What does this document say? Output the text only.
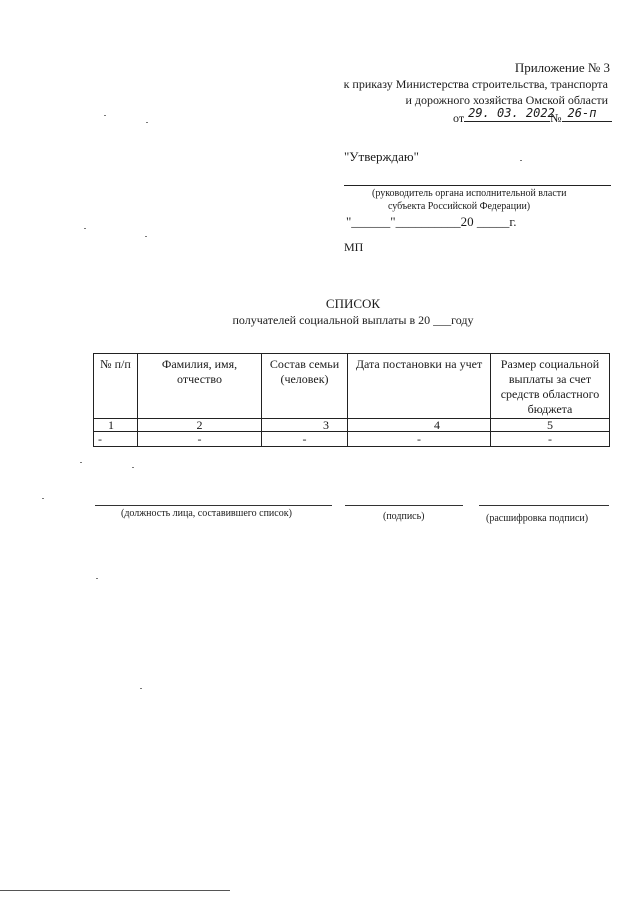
Приложение № 3
к приказу Министерства строительства, транспорта
и дорожного хозяйства Омской области
от 29. 03. 2022
№ 26-п
"Утверждаю"
(руководитель органа исполнительной власти
субъекта Российской Федерации)
"______"__________20 _____г.
МП
СПИСОК
получателей социальной выплаты в 20 ___году
№ п/п	Фамилия, имя, отчество	Состав семьи (человек)	Дата постановки на учет	Размер социальной выплаты за счет средств областного бюджета
1	2	3	4	5
-	-	-	-	-
(должность лица, составившего список)	(подпись)	(расшифровка подписи)
